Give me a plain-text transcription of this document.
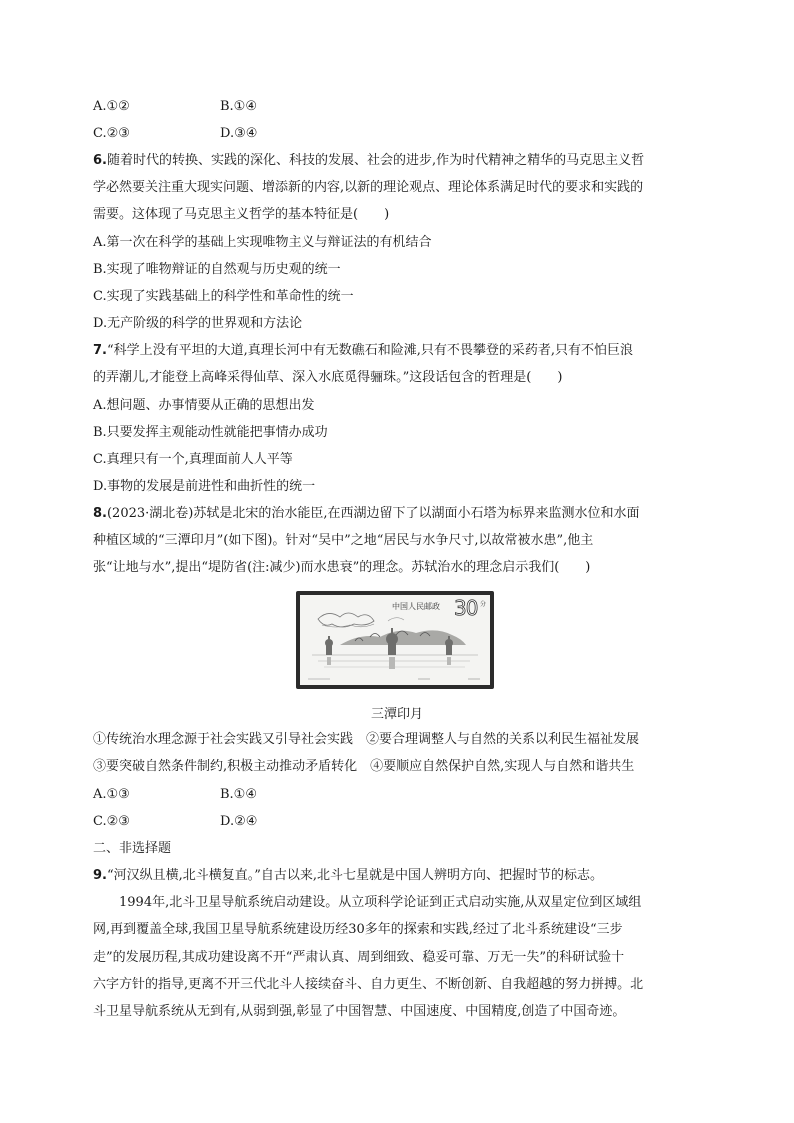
A.①②	B.①④
C.②③	D.③④
6.随着时代的转换、实践的深化、科技的发展、社会的进步,作为时代精神之精华的马克思主义哲
学必然要关注重大现实问题、增添新的内容,以新的理论观点、理论体系满足时代的要求和实践的
需要。这体现了马克思主义哲学的基本特征是(　　)
A.第一次在科学的基础上实现唯物主义与辩证法的有机结合
B.实现了唯物辩证的自然观与历史观的统一
C.实现了实践基础上的科学性和革命性的统一
D.无产阶级的科学的世界观和方法论
7.“科学上没有平坦的大道,真理长河中有无数礁石和险滩,只有不畏攀登的采药者,只有不怕巨浪
的弄潮儿,才能登上高峰采得仙草、深入水底觅得骊珠。”这段话包含的哲理是(　　)
A.想问题、办事情要从正确的思想出发
B.只要发挥主观能动性就能把事情办成功
C.真理只有一个,真理面前人人平等
D.事物的发展是前进性和曲折性的统一
8.(2023·湖北卷)苏轼是北宋的治水能臣,在西湖边留下了以湖面小石塔为标界来监测水位和水面
种植区域的“三潭印月”(如下图)。针对“吴中”之地“居民与水争尺寸,以故常被水患”,他主
张“让地与水”,提出“堤防省(注:减少)而水患衰”的理念。苏轼治水的理念启示我们(　　)
中国人民邮政 30 分
三潭印月
①传统治水理念源于社会实践又引导社会实践　②要合理调整人与自然的关系以利民生福祉发展
③要突破自然条件制约,积极主动推动矛盾转化　④要顺应自然保护自然,实现人与自然和谐共生
A.①③	B.①④
C.②③	D.②④
二、非选择题
9.“河汉纵且横,北斗横复直。”自古以来,北斗七星就是中国人辨明方向、把握时节的标志。
1994年,北斗卫星导航系统启动建设。从立项科学论证到正式启动实施,从双星定位到区域组
网,再到覆盖全球,我国卫星导航系统建设历经30多年的探索和实践,经过了北斗系统建设“三步
走”的发展历程,其成功建设离不开“严肃认真、周到细致、稳妥可靠、万无一失”的科研试验十
六字方针的指导,更离不开三代北斗人接续奋斗、自力更生、不断创新、自我超越的努力拼搏。北
斗卫星导航系统从无到有,从弱到强,彰显了中国智慧、中国速度、中国精度,创造了中国奇迹。
